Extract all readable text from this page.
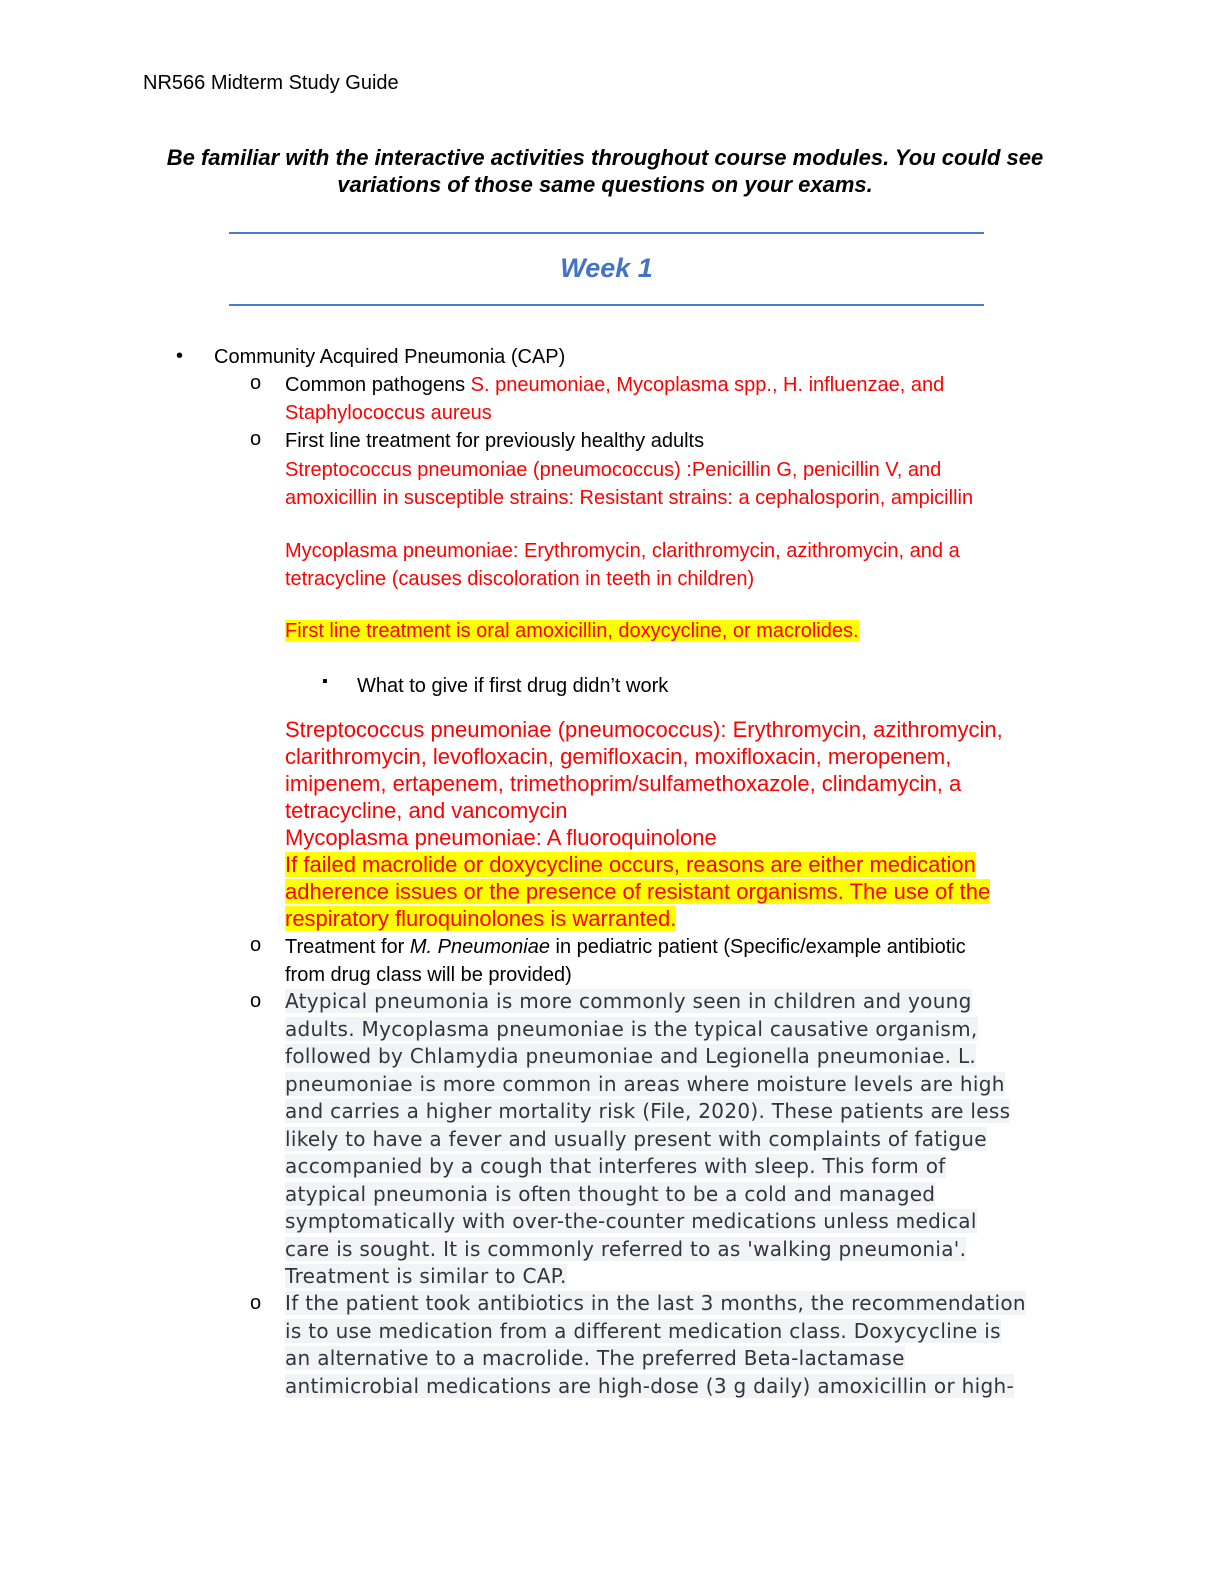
NR566 Midterm Study Guide
Be familiar with the interactive activities throughout course modules. You could see variations of those same questions on your exams.
Week 1
• Community Acquired Pneumonia (CAP)
o Common pathogens S. pneumoniae, Mycoplasma spp., H. influenzae, and
Staphylococcus aureus
o First line treatment for previously healthy adults
Streptococcus pneumoniae (pneumococcus) :Penicillin G, penicillin V, and
amoxicillin in susceptible strains: Resistant strains: a cephalosporin, ampicillin
Mycoplasma pneumoniae: Erythromycin, clarithromycin, azithromycin, and a
tetracycline (causes discoloration in teeth in children)
First line treatment is oral amoxicillin, doxycycline, or macrolides.
▪ What to give if first drug didn’t work
Streptococcus pneumoniae (pneumococcus): Erythromycin, azithromycin,
clarithromycin, levofloxacin, gemifloxacin, moxifloxacin, meropenem,
imipenem, ertapenem, trimethoprim/sulfamethoxazole, clindamycin, a
tetracycline, and vancomycin
Mycoplasma pneumoniae: A fluoroquinolone
If failed macrolide or doxycycline occurs, reasons are either medication
adherence issues or the presence of resistant organisms. The use of the
respiratory fluroquinolones is warranted.
o Treatment for M. Pneumoniae in pediatric patient (Specific/example antibiotic
from drug class will be provided)
o Atypical pneumonia is more commonly seen in children and young
adults. Mycoplasma pneumoniae is the typical causative organism,
followed by Chlamydia pneumoniae and Legionella pneumoniae. L.
pneumoniae is more common in areas where moisture levels are high
and carries a higher mortality risk (File, 2020). These patients are less
likely to have a fever and usually present with complaints of fatigue
accompanied by a cough that interferes with sleep. This form of
atypical pneumonia is often thought to be a cold and managed
symptomatically with over-the-counter medications unless medical
care is sought. It is commonly referred to as 'walking pneumonia'.
Treatment is similar to CAP.
o If the patient took antibiotics in the last 3 months, the recommendation
is to use medication from a different medication class. Doxycycline is
an alternative to a macrolide. The preferred Beta-lactamase
antimicrobial medications are high-dose (3 g daily) amoxicillin or high-
